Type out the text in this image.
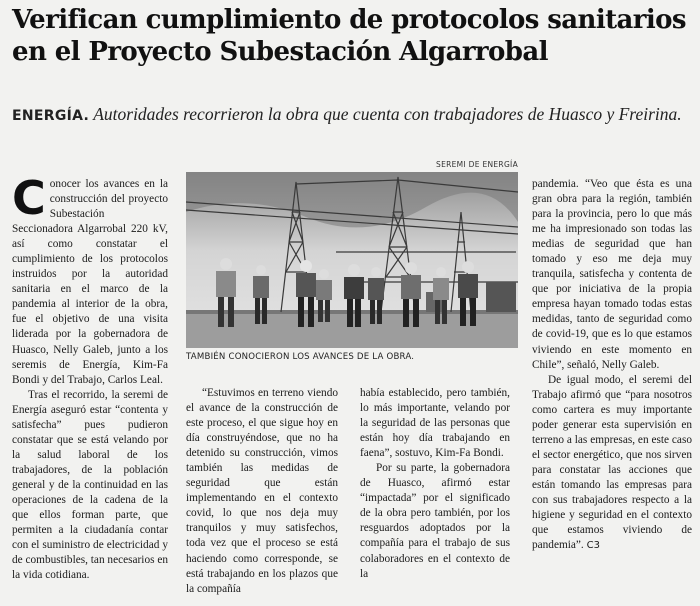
Verifican cumplimiento de protocolos sanitarios en el Proyecto Subestación Algarrobal
ENERGÍA. Autoridades recorrieron la obra que cuenta con trabajadores de Huasco y Freirina.

Conocer los avances en la construcción del proyecto Subestación Seccionadora Algarrobal 220 kV, así como constatar el cumplimiento de los protocolos instruidos por la autoridad sanitaria en el marco de la pandemia al interior de la obra, fue el objetivo de una visita liderada por la gobernadora de Huasco, Nelly Galeb, junto a los seremis de Energía, Kim-Fa Bondi y del Trabajo, Carlos Leal.

Tras el recorrido, la seremi de Energía aseguró estar “contenta y satisfecha” pues pudieron constatar que se está velando por la salud laboral de los trabajadores, de la población general y de la continuidad en las operaciones de la cadena de la que ellos forman parte, que permiten a la ciudadanía contar con el suministro de electricidad y de combustibles, tan necesarios en la vida cotidiana.

SEREMI DE ENERGÍA
TAMBIÉN CONOCIERON LOS AVANCES DE LA OBRA.

“Estuvimos en terreno viendo el avance de la construcción de este proceso, el que sigue hoy en día construyéndose, que no ha detenido su construcción, vimos también las medidas de seguridad que están implementando en el contexto covid, lo que nos deja muy tranquilos y muy satisfechos, toda vez que el proceso se está haciendo como corresponde, se está trabajando en los plazos que la compañía

había establecido, pero también, lo más importante, velando por la seguridad de las personas que están hoy día trabajando en faena”, sostuvo, Kim-Fa Bondi.

Por su parte, la gobernadora de Huasco, afirmó estar “impactada” por el significado de la obra pero también, por los resguardos adoptados por la compañía para el trabajo de sus colaboradores en el contexto de la

pandemia. “Veo que ésta es una gran obra para la región, también para la provincia, pero lo que más me ha impresionado son todas las medias de seguridad que han tomado y eso me deja muy tranquila, satisfecha y contenta de que por iniciativa de la propia empresa hayan tomado todas estas medidas, tanto de seguridad como de covid-19, que es lo que estamos viviendo en este momento en Chile”, señaló, Nelly Galeb.

De igual modo, el seremi del Trabajo afirmó que “para nosotros como cartera es muy importante poder generar esta supervisión en terreno a las empresas, en este caso el sector energético, que nos sirven para constatar las acciones que están tomando las empresas para con sus trabajadores respecto a la higiene y seguridad en el contexto que estamos viviendo de pandemia”. C3
